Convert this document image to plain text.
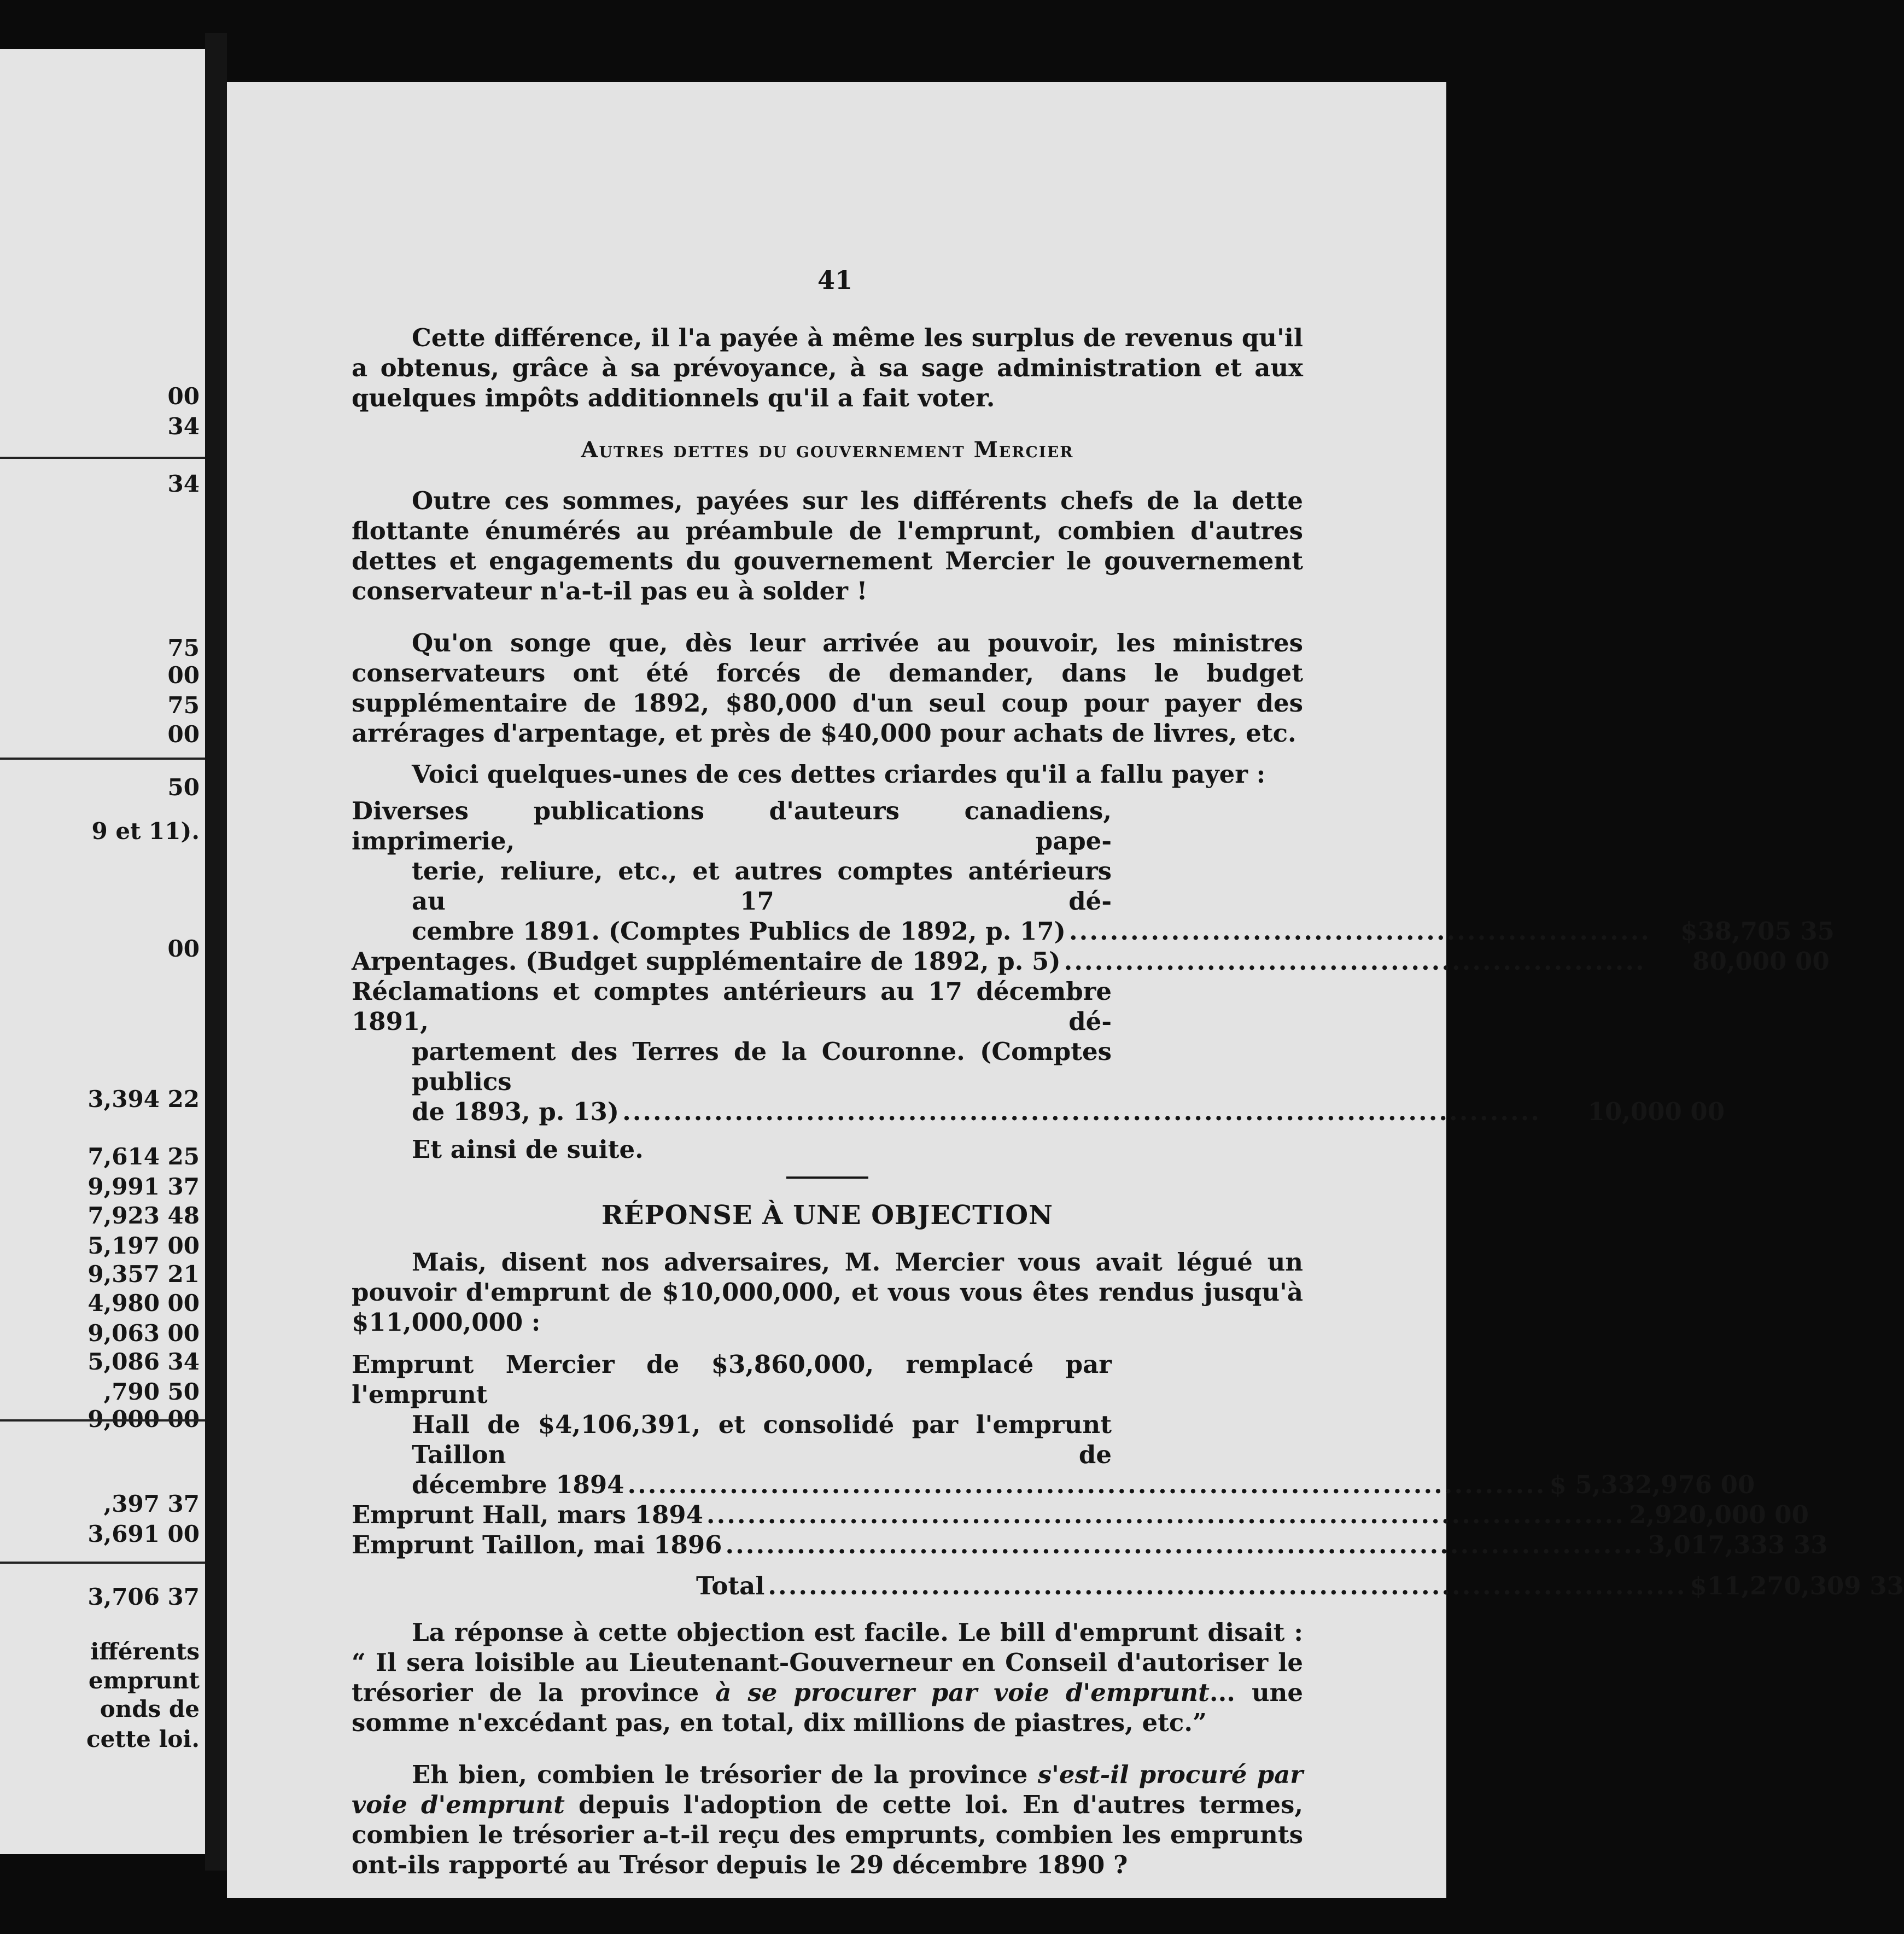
00
34
34
75
00
75
00
50
9 et 11).
00
3,394 22
7,614 25
9,991 37
7,923 48
5,197 00
9,357 21
4,980 00
9,063 00
5,086 34
,790 50
9,000 00
,397 37
3,691 00
3,706 37
ifférents
emprunt
onds de
cette loi.
41

Cette différence, il l'a payée à même les surplus de revenus qu'il a obtenus, grâce à sa prévoyance, à sa sage administration et aux quelques impôts additionnels qu'il a fait voter.

Autres dettes du gouvernement Mercier

Outre ces sommes, payées sur les différents chefs de la dette flottante énumérés au préambule de l'emprunt, combien d'autres dettes et engagements du gouvernement Mercier le gouvernement conservateur n'a-t-il pas eu à solder !

Qu'on songe que, dès leur arrivée au pouvoir, les ministres conservateurs ont été forcés de demander, dans le budget supplémentaire de 1892, $80,000 d'un seul coup pour payer des arrérages d'arpentage, et près de $40,000 pour achats de livres, etc.

Voici quelques-unes de ces dettes criardes qu'il a fallu payer :

Diverses publications d'auteurs canadiens, imprimerie, pape-
terie, reliure, etc., et autres comptes antérieurs au 17 dé-
cembre 1891. (Comptes Publics de 1892, p. 17) .........................................................	$38,705 35
Arpentages. (Budget supplémentaire de 1892, p. 5) .........................................................	80,000 00
Réclamations et comptes antérieurs au 17 décembre 1891, dé-
partement des Terres de la Couronne. (Comptes publics
de 1893, p. 13) ..........................................................................................	10,000 00

Et ainsi de suite.

RÉPONSE À UNE OBJECTION

Mais, disent nos adversaires, M. Mercier vous avait légué un pouvoir d'emprunt de $10,000,000, et vous vous êtes rendus jusqu'à $11,000,000 :

Emprunt Mercier de $3,860,000, remplacé par l'emprunt
Hall de $4,106,391, et consolidé par l'emprunt Taillon de
décembre 1894 .......................................................................................... $ 5,332,976 00
Emprunt Hall, mars 1894 .......................................................................................... 2,920,000 00
Emprunt Taillon, mai 1896 .......................................................................................... 3,017,333 33
Total .......................................................................................... $11,270,309 33

La réponse à cette objection est facile. Le bill d'emprunt disait : “ Il sera loisible au Lieutenant-Gouverneur en Conseil d'autoriser le trésorier de la province à se procurer par voie d'emprunt... une somme n'excédant pas, en total, dix millions de piastres, etc.”

Eh bien, combien le trésorier de la province s'est-il procuré par voie d'emprunt depuis l'adoption de cette loi. En d'autres termes, combien le trésorier a-t-il reçu des emprunts, combien les emprunts ont-ils rapporté au Trésor depuis le 29 décembre 1890 ?
